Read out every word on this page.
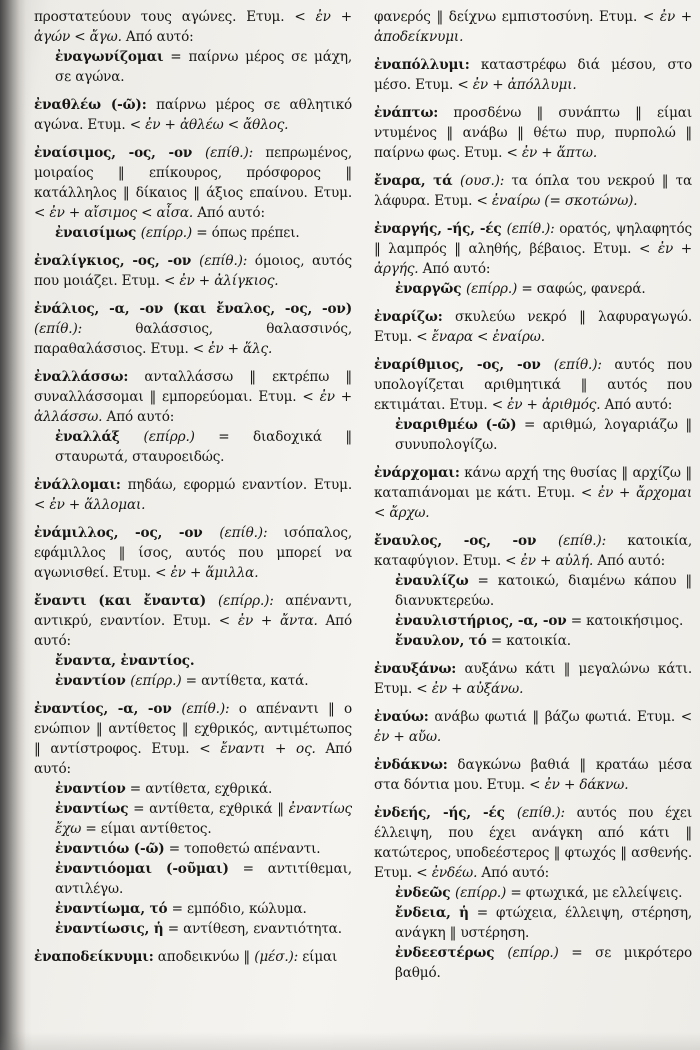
προστατεύουν τους αγώνες. Ετυμ. < ἐν + ἀγών < ἄγω. Από αυτό:

ἐναγωνίζομαι = παίρνω μέρος σε μάχη, σε αγώνα.

ἐναθλέω (-ῶ): παίρνω μέρος σε αθλητικό αγώνα. Ετυμ. < ἐν + ἀθλέω < ἄθλος.

ἐναίσιμος, -ος, -ον (επίθ.): πεπρωμένος, μοιραίος ‖ επίκουρος, πρόσφορος ‖ κατάλληλος ‖ δίκαιος ‖ άξιος επαίνου. Ετυμ. < ἐν + αἴσιμος < αἶσα. Από αυτό:

ἐναισίμως (επίρρ.) = όπως πρέπει.

ἐναλίγκιος, -ος, -ον (επίθ.): όμοιος, αυτός που μοιάζει. Ετυμ. < ἐν + ἀλίγκιος.

ἐνάλιος, -α, -ον (και ἔναλος, -ος, -ον) (επίθ.): θαλάσσιος, θαλασσινός, παραθαλάσσιος. Ετυμ. < ἐν + ἅλς.

ἐναλλάσσω: ανταλλάσσω ‖ εκτρέπω ‖ συναλλάσσομαι ‖ εμπορεύομαι. Ετυμ. < ἐν + ἀλλάσσω. Από αυτό:

ἐναλλάξ (επίρρ.) = διαδοχικά ‖ σταυρωτά, σταυροειδώς.

ἐνάλλομαι: πηδάω, εφορμώ εναντίον. Ετυμ. < ἐν + ἅλλομαι.

ἐνάμιλλος, -ος, -ον (επίθ.): ισόπαλος, εφάμιλλος ‖ ίσος, αυτός που μπορεί να αγωνισθεί. Ετυμ. < ἐν + ἅμιλλα.

ἔναντι (και ἔναντα) (επίρρ.): απέναντι, αντικρύ, εναντίον. Ετυμ. < ἐν + ἄντα. Από αυτό:

ἔναντα, ἐναντίος.

ἐναντίον (επίρρ.) = αντίθετα, κατά.

ἐναντίος, -α, -ον (επίθ.): ο απέναντι ‖ ο ενώπιον ‖ αντίθετος ‖ εχθρικός, αντιμέτωπος ‖ αντίστροφος. Ετυμ. < ἔναντι + ος. Από αυτό:

ἐναντίον = αντίθετα, εχθρικά.

ἐναντίως = αντίθετα, εχθρικά ‖ ἐναντίως ἔχω = είμαι αντίθετος.

ἐναντιόω (-ῶ) = τοποθετώ απέναντι.

ἐναντιόομαι (-οῦμαι) = αντιτίθεμαι, αντιλέγω.

ἐναντίωμα, τό = εμπόδιο, κώλυμα.

ἐναντίωσις, ἡ = αντίθεση, εναντιότητα.

ἐναποδείκνυμι: αποδεικνύω ‖ (μέσ.): είμαι

φανερός ‖ δείχνω εμπιστοσύνη. Ετυμ. < ἐν + ἀποδείκνυμι.

ἐναπόλλυμι: καταστρέφω διά μέσου, στο μέσο. Ετυμ. < ἐν + ἀπόλλυμι.

ἐνάπτω: προσδένω ‖ συνάπτω ‖ είμαι ντυμένος ‖ ανάβω ‖ θέτω πυρ, πυρπολώ ‖ παίρνω φως. Ετυμ. < ἐν + ἅπτω.

ἔναρα, τά (ουσ.): τα όπλα του νεκρού ‖ τα λάφυρα. Ετυμ. < ἐναίρω (= σκοτώνω).

ἐναργής, -ής, -ές (επίθ.): ορατός, ψηλαφητός ‖ λαμπρός ‖ αληθής, βέβαιος. Ετυμ. < ἐν + ἀργής. Από αυτό:

ἐναργῶς (επίρρ.) = σαφώς, φανερά.

ἐναρίζω: σκυλεύω νεκρό ‖ λαφυραγωγώ. Ετυμ. < ἔναρα < ἐναίρω.

ἐναρίθμιος, -ος, -ον (επίθ.): αυτός που υπολογίζεται αριθμητικά ‖ αυτός που εκτιμάται. Ετυμ. < ἐν + ἀριθμός. Από αυτό:

ἐναριθμέω (-ῶ) = αριθμώ, λογαριάζω ‖ συνυπολογίζω.

ἐνάρχομαι: κάνω αρχή της θυσίας ‖ αρχίζω ‖ καταπιάνομαι με κάτι. Ετυμ. < ἐν + ἄρχομαι < ἄρχω.

ἔναυλος, -ος, -ον (επίθ.): κατοικία, καταφύγιον. Ετυμ. < ἐν + αὐλή. Από αυτό:

ἐναυλίζω = κατοικώ, διαμένω κάπου ‖ διανυκτερεύω.

ἐναυλιστήριος, -α, -ον = κατοικήσιμος.

ἔναυλον, τό = κατοικία.

ἐναυξάνω: αυξάνω κάτι ‖ μεγαλώνω κάτι. Ετυμ. < ἐν + αὐξάνω.

ἐναύω: ανάβω φωτιά ‖ βάζω φωτιά. Ετυμ. < ἐν + αὔω.

ἐνδάκνω: δαγκώνω βαθιά ‖ κρατάω μέσα στα δόντια μου. Ετυμ. < ἐν + δάκνω.

ἐνδεής, -ής, -ές (επίθ.): αυτός που έχει έλλειψη, που έχει ανάγκη από κάτι ‖ κατώτερος, υποδεέστερος ‖ φτωχός ‖ ασθενής. Ετυμ. < ἐνδέω. Από αυτό:

ἐνδεῶς (επίρρ.) = φτωχικά, με ελλείψεις.

ἔνδεια, ἡ = φτώχεια, έλλειψη, στέρηση, ανάγκη ‖ υστέρηση.

ἐνδεεστέρως (επίρρ.) = σε μικρότερο βαθμό.
